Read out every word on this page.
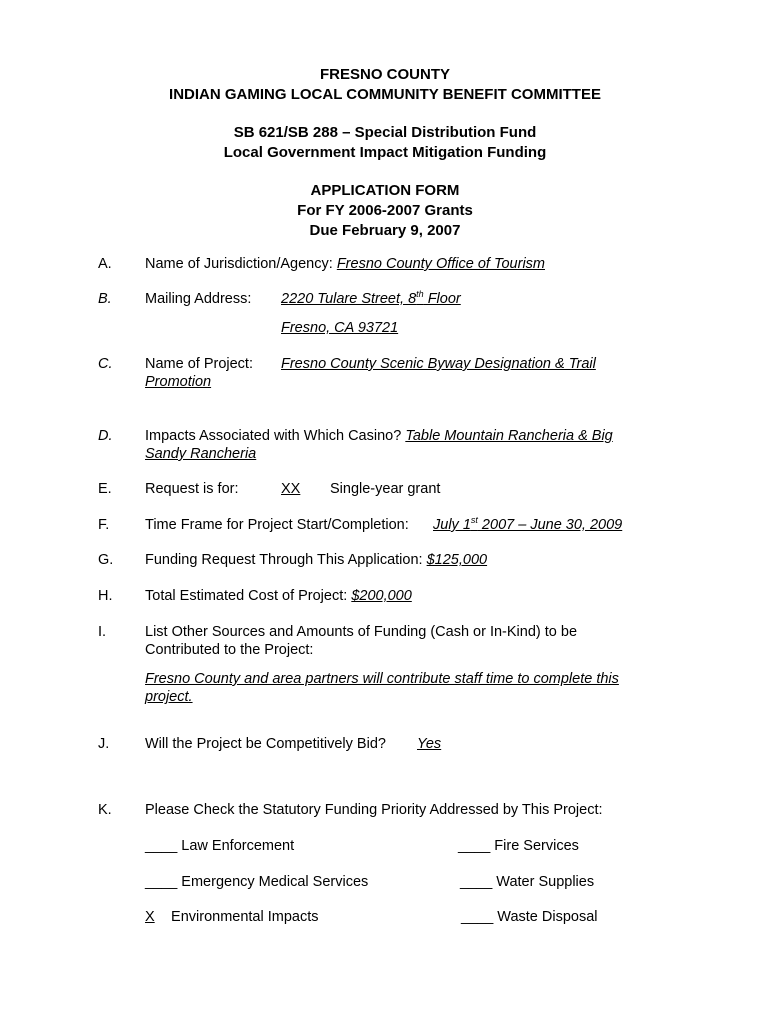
FRESNO COUNTY
INDIAN GAMING LOCAL COMMUNITY BENEFIT COMMITTEE
SB 621/SB 288 – Special Distribution Fund
Local Government Impact Mitigation Funding
APPLICATION FORM
For FY 2006-2007 Grants
Due February 9, 2007
A. Name of Jurisdiction/Agency: Fresno County Office of Tourism
B. Mailing Address: 2220 Tulare Street, 8th Floor
Fresno, CA 93721
C. Name of Project: Fresno County Scenic Byway Designation & Trail
Promotion
D. Impacts Associated with Which Casino? Table Mountain Rancheria & Big
Sandy Rancheria
E. Request is for:	XX Single-year grant
F. Time Frame for Project Start/Completion: July 1st 2007 – June 30, 2009
G. Funding Request Through This Application: $125,000
H. Total Estimated Cost of Project: $200,000
I.	List Other Sources and Amounts of Funding (Cash or In-Kind) to be
Contributed to the Project:
Fresno County and area partners will contribute staff time to complete this
project.
J. Will the Project be Competitively Bid? Yes
K. Please Check the Statutory Funding Priority Addressed by This Project:
____ Law Enforcement	____ Fire Services
____ Emergency Medical Services	____ Water Supplies
X Environmental Impacts	____ Waste Disposal
